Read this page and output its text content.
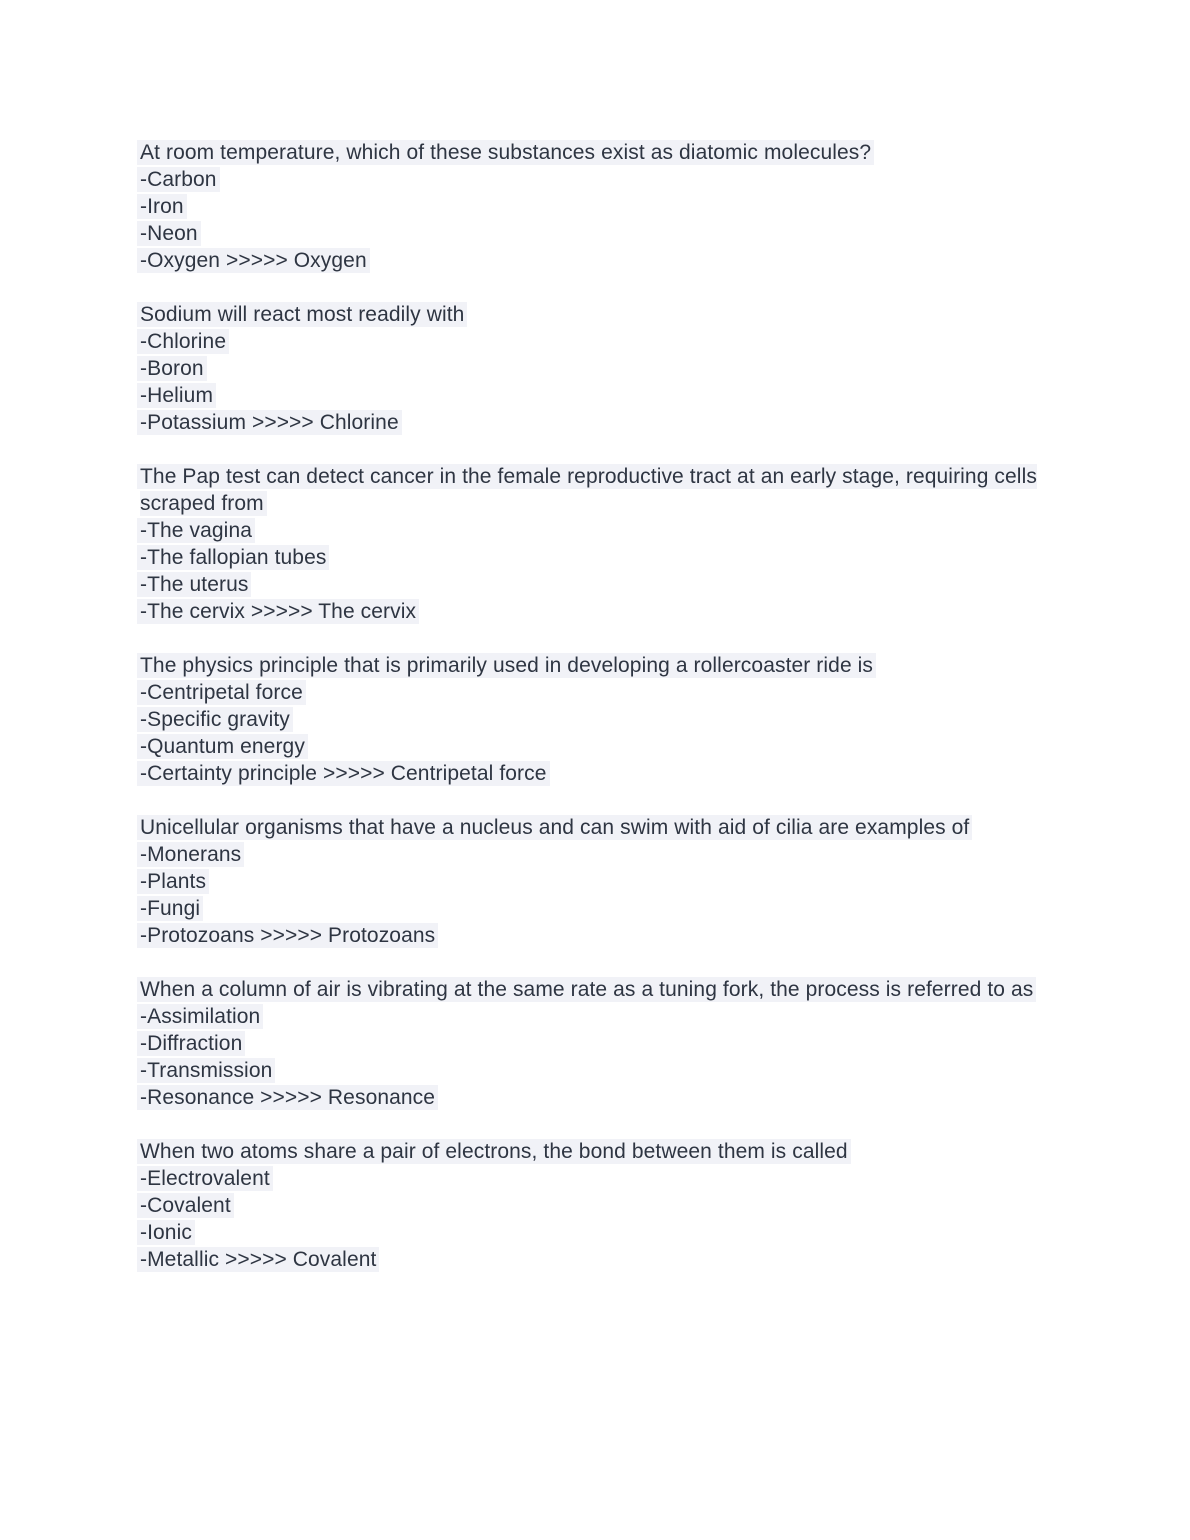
At room temperature, which of these substances exist as diatomic molecules?

-Carbon

-Iron

-Neon

-Oxygen >>>>> Oxygen

Sodium will react most readily with

-Chlorine

-Boron

-Helium

-Potassium >>>>> Chlorine

The Pap test can detect cancer in the female reproductive tract at an early stage, requiring cells scraped from

-The vagina

-The fallopian tubes

-The uterus

-The cervix >>>>> The cervix

The physics principle that is primarily used in developing a rollercoaster ride is

-Centripetal force

-Specific gravity

-Quantum energy

-Certainty principle >>>>> Centripetal force

Unicellular organisms that have a nucleus and can swim with aid of cilia are examples of

-Monerans

-Plants

-Fungi

-Protozoans >>>>> Protozoans

When a column of air is vibrating at the same rate as a tuning fork, the process is referred to as

-Assimilation

-Diffraction

-Transmission

-Resonance >>>>> Resonance

When two atoms share a pair of electrons, the bond between them is called

-Electrovalent

-Covalent

-Ionic

-Metallic >>>>> Covalent
